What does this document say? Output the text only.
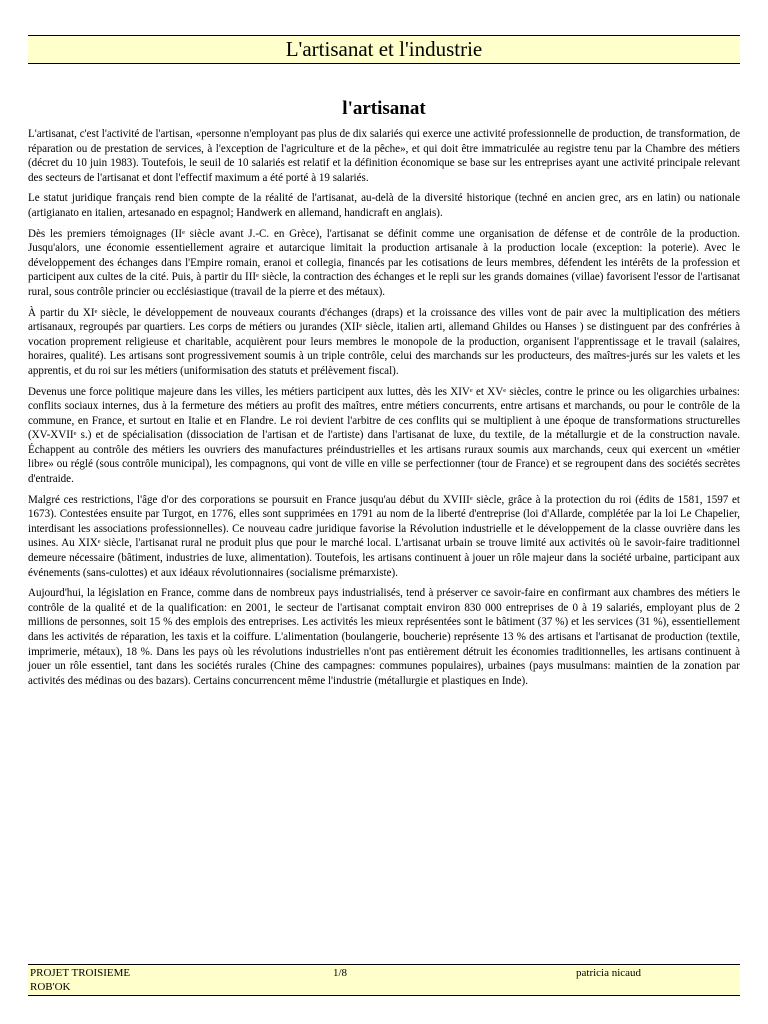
L'artisanat et l'industrie
l'artisanat

L'artisanat, c'est l'activité de l'artisan, «personne n'employant pas plus de dix salariés qui exerce une activité professionnelle de production, de transformation, de réparation ou de prestation de services, à l'exception de l'agriculture et de la pêche», et qui doit être immatriculée au registre tenu par la Chambre des métiers (décret du 10 juin 1983). Toutefois, le seuil de 10 salariés est relatif et la définition économique se base sur les entreprises ayant une activité principale relevant des secteurs de l'artisanat et dont l'effectif maximum a été porté à 19 salariés.

Le statut juridique français rend bien compte de la réalité de l'artisanat, au-delà de la diversité historique (techné en ancien grec, ars en latin) ou nationale (artigianato en italien, artesanado en espagnol; Handwerk en allemand, handicraft en anglais).

Dès les premiers témoignages (IIᵉ siècle avant J.-C. en Grèce), l'artisanat se définit comme une organisation de défense et de contrôle de la production. Jusqu'alors, une économie essentiellement agraire et autarcique limitait la production artisanale à la production locale (exception: la poterie). Avec le développement des échanges dans l'Empire romain, eranoi et collegia, financés par les cotisations de leurs membres, défendent les intérêts de la profession et participent aux cultes de la cité. Puis, à partir du IIIᵉ siècle, la contraction des échanges et le repli sur les grands domaines (villae) favorisent l'essor de l'artisanat rural, sous contrôle princier ou ecclésiastique (travail de la pierre et des métaux).

À partir du XIᵉ siècle, le développement de nouveaux courants d'échanges (draps) et la croissance des villes vont de pair avec la multiplication des métiers artisanaux, regroupés par quartiers. Les corps de métiers ou jurandes (XIIᵉ siècle, italien arti, allemand Ghildes ou Hanses ) se distinguent par des confréries à vocation proprement religieuse et charitable, acquièrent pour leurs membres le monopole de la production, organisent l'apprentissage et le travail (salaires, horaires, qualité). Les artisans sont progressivement soumis à un triple contrôle, celui des marchands sur les producteurs, des maîtres-jurés sur les valets et les apprentis, et du roi sur les métiers (uniformisation des statuts et prélèvement fiscal).

Devenus une force politique majeure dans les villes, les métiers participent aux luttes, dès les XIVᵉ et XVᵉ siècles, contre le prince ou les oligarchies urbaines: conflits sociaux internes, dus à la fermeture des métiers au profit des maîtres, entre métiers concurrents, entre artisans et marchands, ou pour le contrôle de la commune, en France, et surtout en Italie et en Flandre. Le roi devient l'arbitre de ces conflits qui se multiplient à une époque de transformations structurelles (XV-XVIIᵉ s.) et de spécialisation (dissociation de l'artisan et de l'artiste) dans l'artisanat de luxe, du textile, de la métallurgie et de la construction navale. Échappent au contrôle des métiers les ouvriers des manufactures préindustrielles et les artisans ruraux soumis aux marchands, ceux qui exercent un «métier libre» ou réglé (sous contrôle municipal), les compagnons, qui vont de ville en ville se perfectionner (tour de France) et se regroupent dans des sociétés secrètes d'entraide.

Malgré ces restrictions, l'âge d'or des corporations se poursuit en France jusqu'au début du XVIIIᵉ siècle, grâce à la protection du roi (édits de 1581, 1597 et 1673). Contestées ensuite par Turgot, en 1776, elles sont supprimées en 1791 au nom de la liberté d'entreprise (loi d'Allarde, complétée par la loi Le Chapelier, interdisant les associations professionnelles). Ce nouveau cadre juridique favorise la Révolution industrielle et le développement de la classe ouvrière dans les usines. Au XIXᵉ siècle, l'artisanat rural ne produit plus que pour le marché local. L'artisanat urbain se trouve limité aux activités où le savoir-faire traditionnel demeure nécessaire (bâtiment, industries de luxe, alimentation). Toutefois, les artisans continuent à jouer un rôle majeur dans la société urbaine, participant aux événements (sans-culottes) et aux idéaux révolutionnaires (socialisme prémarxiste).

Aujourd'hui, la législation en France, comme dans de nombreux pays industrialisés, tend à préserver ce savoir-faire en confirmant aux chambres des métiers le contrôle de la qualité et de la qualification: en 2001, le secteur de l'artisanat comptait environ 830 000 entreprises de 0 à 19 salariés, employant plus de 2 millions de personnes, soit 15 % des emplois des entreprises. Les activités les mieux représentées sont le bâtiment (37 %) et les services (31 %), essentiellement dans les activités de réparation, les taxis et la coiffure. L'alimentation (boulangerie, boucherie) représente 13 % des artisans et l'artisanat de production (textile, imprimerie, métaux), 18 %. Dans les pays où les révolutions industrielles n'ont pas entièrement détruit les économies traditionnelles, les artisans continuent à jouer un rôle essentiel, tant dans les sociétés rurales (Chine des campagnes: communes populaires), urbaines (pays musulmans: maintien de la zonation par activités des médinas ou des bazars). Certains concurrencent même l'industrie (métallurgie et plastiques en Inde).

PROJET TROISIEME
ROB'OK
1/8	patricia nicaud
